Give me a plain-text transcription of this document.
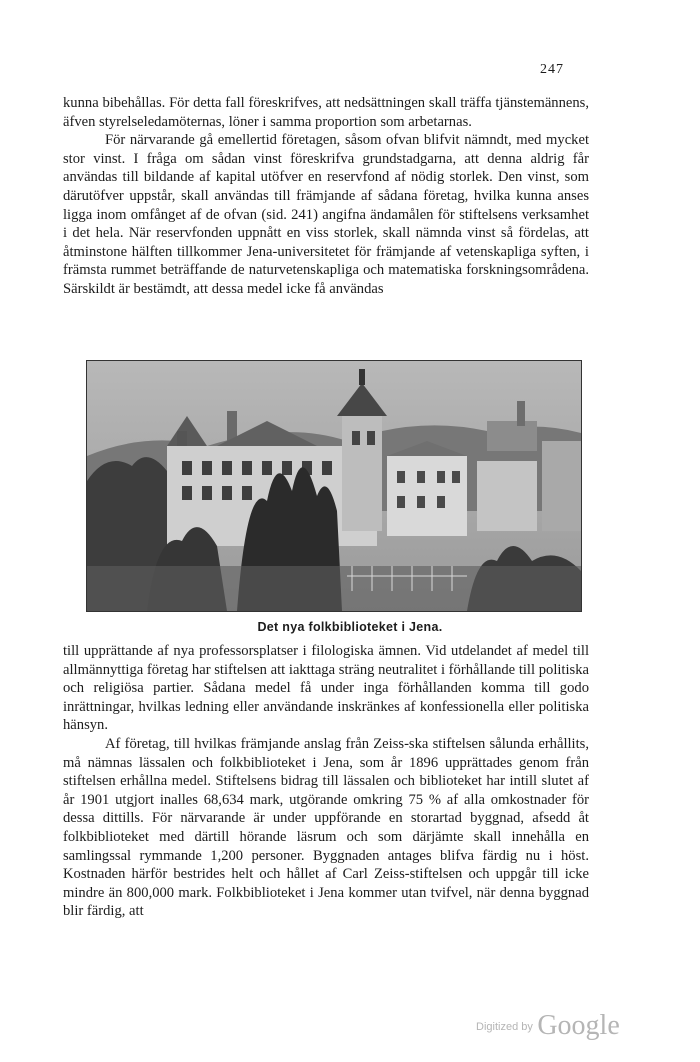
247

kunna bibehållas. För detta fall föreskrifves, att nedsättningen skall träffa tjänstemännens, äfven styrelseledamöternas, löner i samma proportion som arbetarnas.

För närvarande gå emellertid företagen, såsom ofvan blifvit nämndt, med mycket stor vinst. I fråga om sådan vinst föreskrifva grundstadgarna, att denna aldrig får användas till bildande af kapital utöfver en reservfond af nödig storlek. Den vinst, som därutöfver uppstår, skall användas till främjande af sådana företag, hvilka kunna anses ligga inom omfånget af de ofvan (sid. 241) angifna ändamålen för stiftelsens verksamhet i det hela. När reservfonden uppnått en viss storlek, skall nämnda vinst så fördelas, att åtminstone hälften tillkommer Jena-universitetet för främjande af vetenskapliga syften, i främsta rummet beträffande de naturvetenskapliga och matematiska forskningsområdena. Särskildt är bestämdt, att dessa medel icke få användas

Det nya folkbiblioteket i Jena.

till upprättande af nya professorsplatser i filologiska ämnen. Vid utdelandet af medel till allmännyttiga företag har stiftelsen att iakttaga sträng neutralitet i förhållande till politiska och religiösa partier. Sådana medel få under inga förhållanden komma till godo inrättningar, hvilkas ledning eller användande inskränkes af konfessionella eller politiska hänsyn.

Af företag, till hvilkas främjande anslag från Zeiss-ska stiftelsen sålunda erhållits, må nämnas lässalen och folkbiblioteket i Jena, som år 1896 upprättades genom från stiftelsen erhållna medel. Stiftelsens bidrag till lässalen och biblioteket har intill slutet af år 1901 utgjort inalles 68,634 mark, utgörande omkring 75 % af alla omkostnader för dessa dittills. För närvarande är under uppförande en storartad byggnad, afsedd åt folkbiblioteket med därtill hörande läsrum och som därjämte skall innehålla en samlingssal rymmande 1,200 personer. Byggnaden antages blifva färdig nu i höst. Kostnaden härför bestrides helt och hållet af Carl Zeiss-stiftelsen och uppgår till icke mindre än 800,000 mark. Folkbiblioteket i Jena kommer utan tvifvel, när denna byggnad blir färdig, att

$^{Digitized by}$ Google
